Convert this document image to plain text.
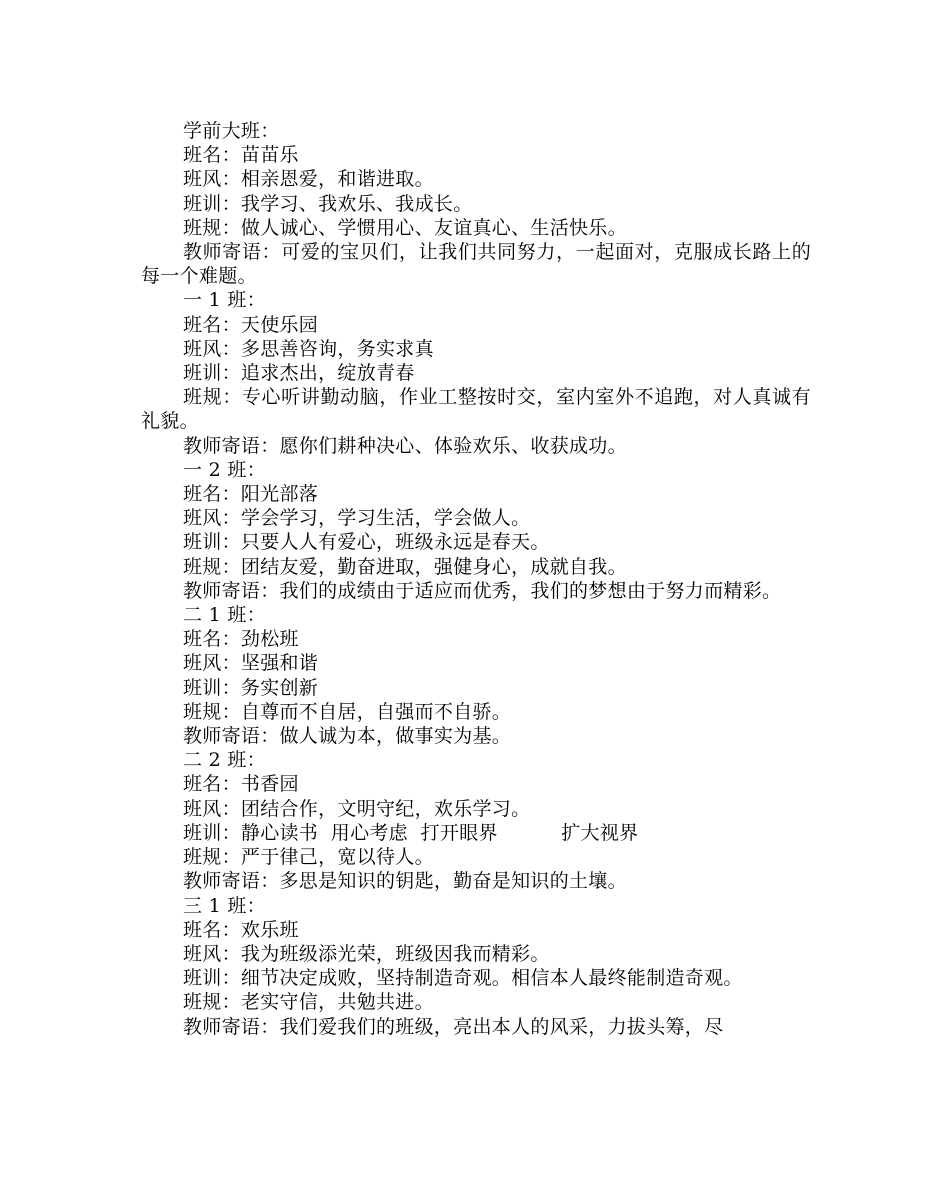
学前大班：

班名：苗苗乐

班风：相亲恩爱，和谐进取。

班训：我学习、我欢乐、我成长。

班规：做人诚心、学惯用心、友谊真心、生活快乐。

教师寄语：可爱的宝贝们，让我们共同努力，一起面对，克服成长路上的每一个难题。

一 1 班：

班名：天使乐园

班风：多思善咨询，务实求真

班训：追求杰出，绽放青春

班规：专心听讲勤动脑，作业工整按时交，室内室外不追跑，对人真诚有礼貌。

教师寄语：愿你们耕种决心、体验欢乐、收获成功。

一 2 班：

班名：阳光部落

班风：学会学习，学习生活，学会做人。

班训：只要人人有爱心，班级永远是春天。

班规：团结友爱，勤奋进取，强健身心，成就自我。

教师寄语：我们的成绩由于适应而优秀，我们的梦想由于努力而精彩。

二 1 班：

班名：劲松班

班风：坚强和谐

班训：务实创新

班规：自尊而不自居，自强而不自骄。

教师寄语：做人诚为本，做事实为基。

二 2 班：

班名：书香园

班风：团结合作，文明守纪，欢乐学习。

班训：静心读书  用心考虑  打开眼界          扩大视界

班规：严于律己，宽以待人。

教师寄语：多思是知识的钥匙，勤奋是知识的土壤。

三 1 班：

班名：欢乐班

班风：我为班级添光荣，班级因我而精彩。

班训：细节决定成败，坚持制造奇观。相信本人最终能制造奇观。

班规：老实守信，共勉共进。

教师寄语：我们爱我们的班级，亮出本人的风采，力拔头筹，尽
